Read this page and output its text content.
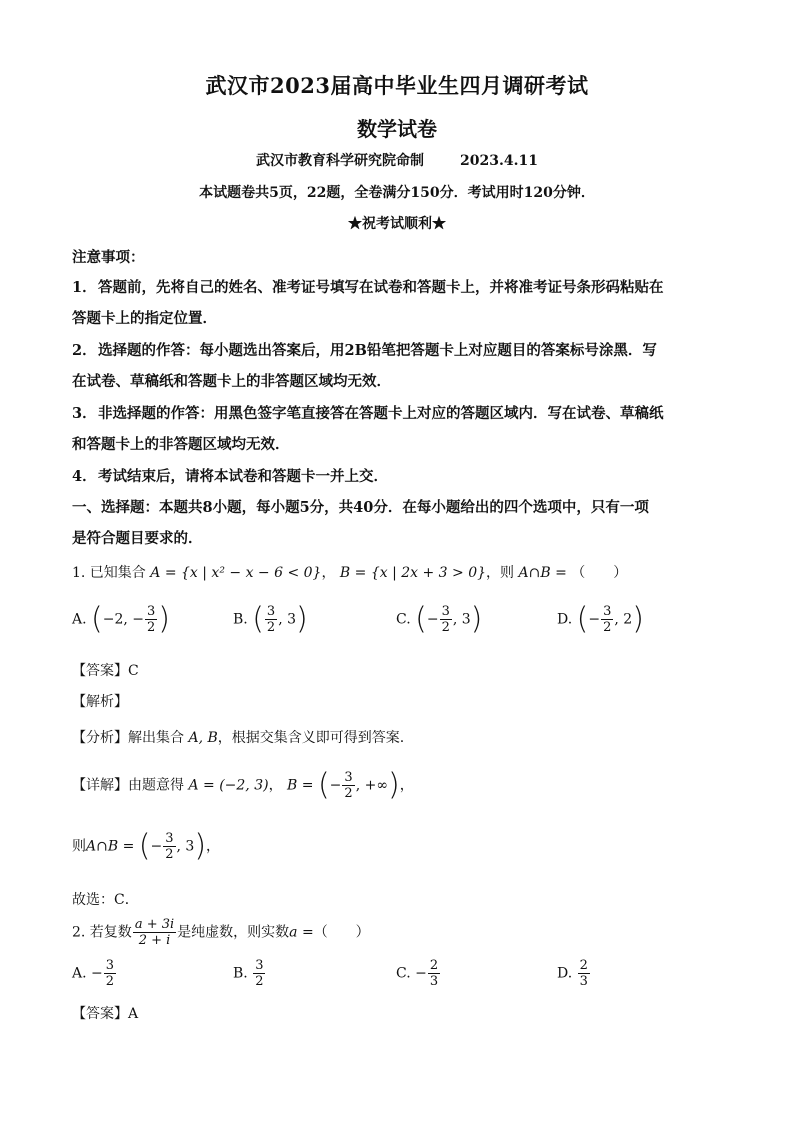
武汉市2023届高中毕业生四月调研考试
数学试卷
武汉市教育科学研究院命制	2023.4.11
本试题卷共5页，22题，全卷满分150分．考试用时120分钟．
★祝考试顺利★
注意事项：
1．答题前，先将自己的姓名、准考证号填写在试卷和答题卡上，并将准考证号条形码粘贴在
答题卡上的指定位置．
2．选择题的作答：每小题选出答案后，用2B铅笔把答题卡上对应题目的答案标号涂黑．写
在试卷、草稿纸和答题卡上的非答题区域均无效．
3．非选择题的作答：用黑色签字笔直接答在答题卡上对应的答题区域内．写在试卷、草稿纸
和答题卡上的非答题区域均无效．
4．考试结束后，请将本试卷和答题卡一并上交．
一、选择题：本题共8小题，每小题5分，共40分．在每小题给出的四个选项中，只有一项
是符合题目要求的．
1. 已知集合 A = {x | x² − x − 6 < 0}， B = {x | 2x + 3 > 0}，则 A∩B = （　　）
A. (−2, − $\frac{3}{2}$ )	B. ( $\frac{3}{2}$ , 3)	C. (− $\frac{3}{2}$ , 3)	D. (− $\frac{3}{2}$ , 2)
【答案】C
【解析】
【分析】解出集合 A, B，根据交集含义即可得到答案.
【详解】由题意得 A = (−2, 3)， B = (− $\frac{3}{2}$ , +∞)，
则A∩B = (− $\frac{3}{2}$ , 3)，
故选：C．
2. 若复数 $\frac{a + 3i}{2 + i}$ 是纯虚数，则实数a =（　　）
A. − $\frac{3}{2}$	B. $\frac{3}{2}$	C. − $\frac{2}{3}$	D. $\frac{2}{3}$
【答案】A
